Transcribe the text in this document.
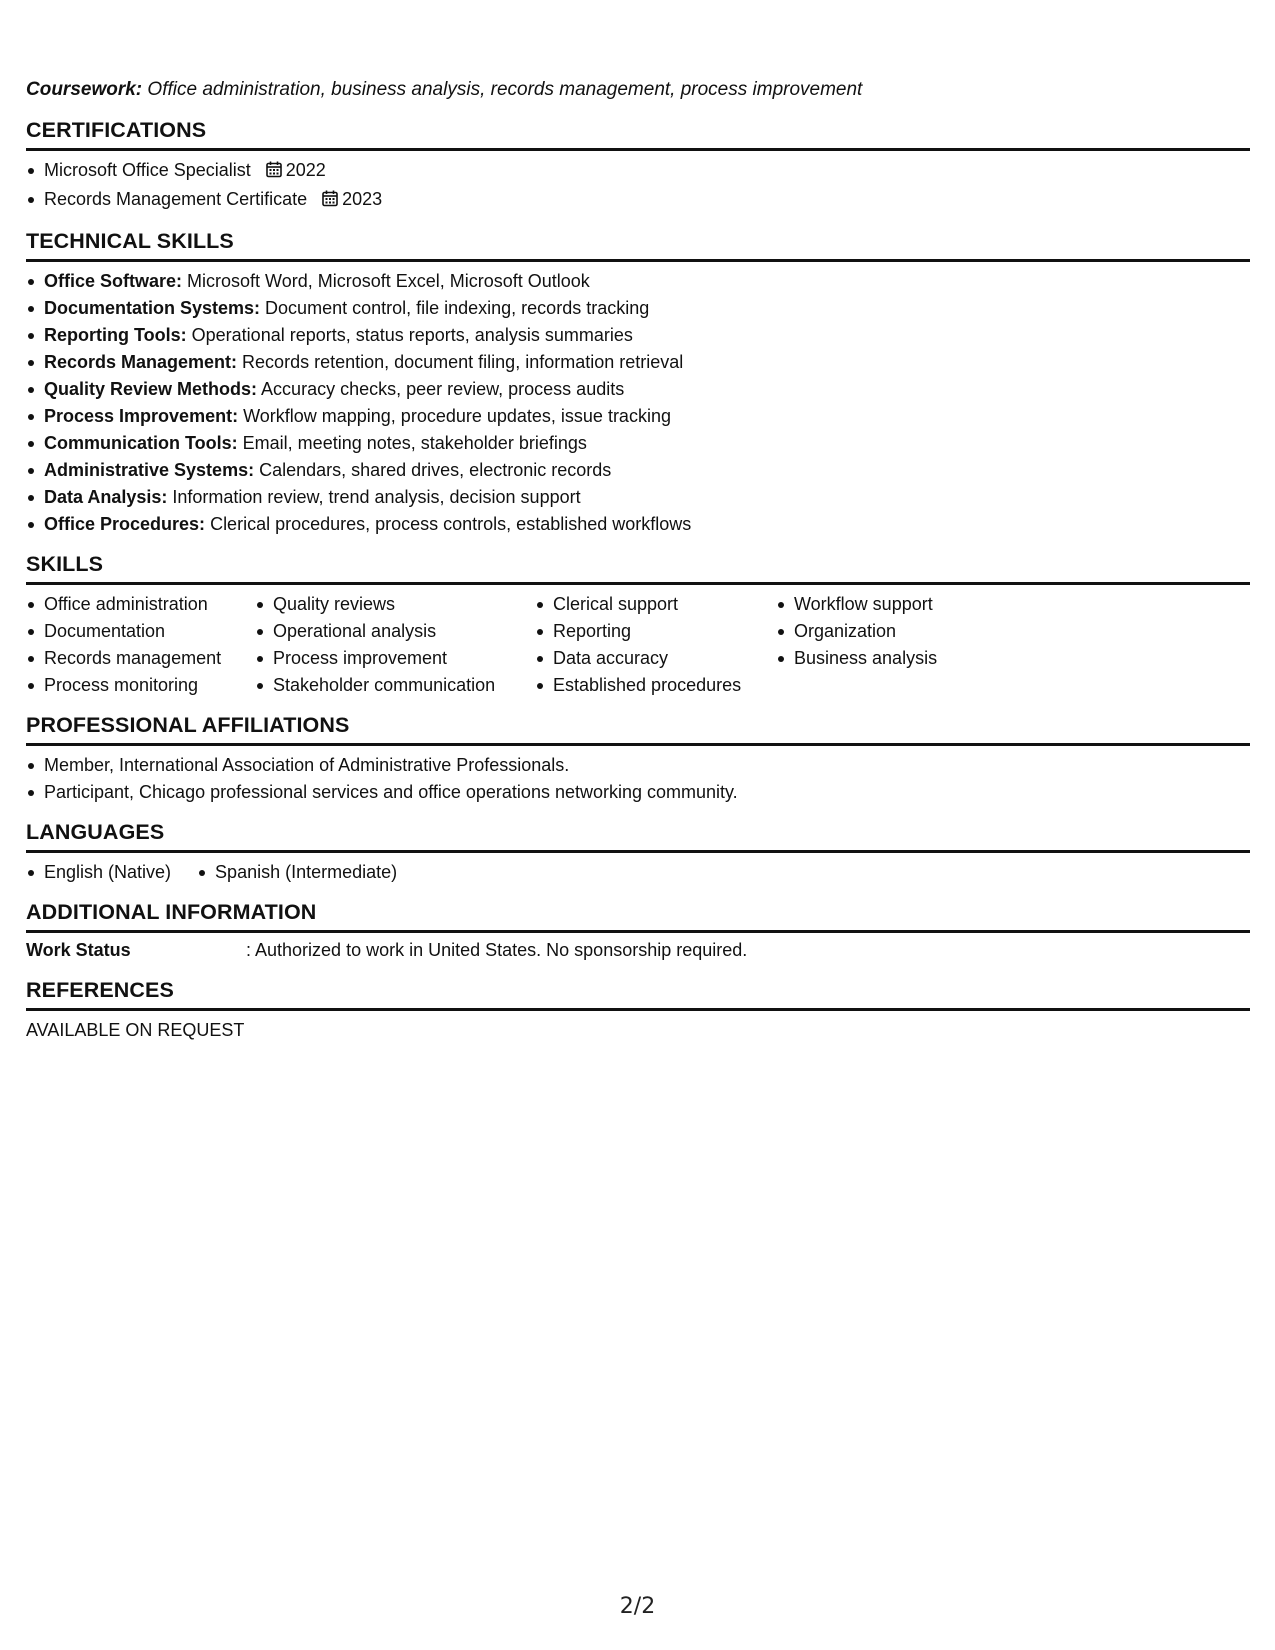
Coursework: Office administration, business analysis, records management, process improvement

CERTIFICATIONS
Microsoft Office Specialist 2022
Records Management Certificate 2023
TECHNICAL SKILLS
Office Software: Microsoft Word, Microsoft Excel, Microsoft Outlook
Documentation Systems: Document control, file indexing, records tracking
Reporting Tools: Operational reports, status reports, analysis summaries
Records Management: Records retention, document filing, information retrieval
Quality Review Methods: Accuracy checks, peer review, process audits
Process Improvement: Workflow mapping, procedure updates, issue tracking
Communication Tools: Email, meeting notes, stakeholder briefings
Administrative Systems: Calendars, shared drives, electronic records
Data Analysis: Information review, trend analysis, decision support
Office Procedures: Clerical procedures, process controls, established workflows
SKILLS
Office administration
Documentation
Records management
Process monitoring
Quality reviews
Operational analysis
Process improvement
Stakeholder communication
Clerical support
Reporting
Data accuracy
Established procedures
Workflow support
Organization
Business analysis
PROFESSIONAL AFFILIATIONS
Member, International Association of Administrative Professionals.
Participant, Chicago professional services and office operations networking community.
LANGUAGES
English (Native)	Spanish (Intermediate)
ADDITIONAL INFORMATION
Work Status	: Authorized to work in United States. No sponsorship required.
REFERENCES
AVAILABLE ON REQUEST
2/2
